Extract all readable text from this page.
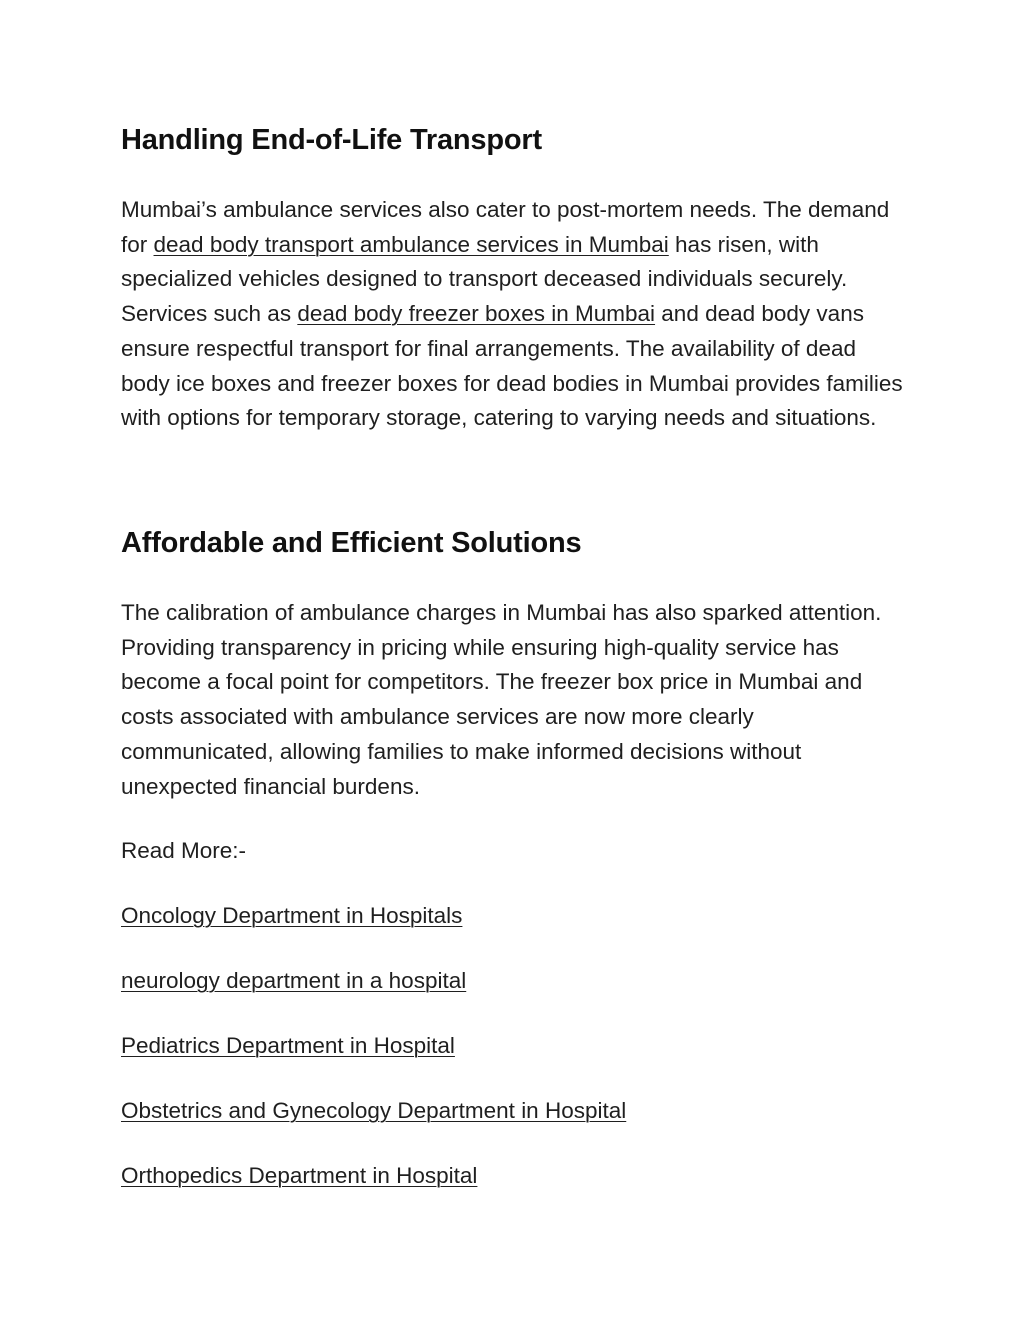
Handling End-of-Life Transport

Mumbai’s ambulance services also cater to post-mortem needs. The demand for dead body transport ambulance services in Mumbai has risen, with specialized vehicles designed to transport deceased individuals securely. Services such as dead body freezer boxes in Mumbai and dead body vans ensure respectful transport for final arrangements. The availability of dead body ice boxes and freezer boxes for dead bodies in Mumbai provides families with options for temporary storage, catering to varying needs and situations.

Affordable and Efficient Solutions

The calibration of ambulance charges in Mumbai has also sparked attention. Providing transparency in pricing while ensuring high-quality service has become a focal point for competitors. The freezer box price in Mumbai and costs associated with ambulance services are now more clearly communicated, allowing families to make informed decisions without unexpected financial burdens.

Read More:-

Oncology Department in Hospitals

neurology department in a hospital

Pediatrics Department in Hospital

Obstetrics and Gynecology Department in Hospital

Orthopedics Department in Hospital
